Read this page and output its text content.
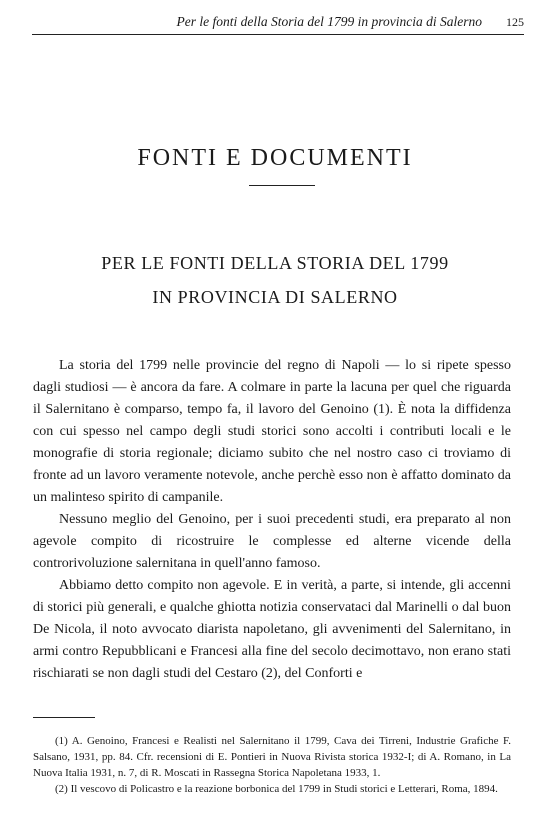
Per le fonti della Storia del 1799 in provincia di Salerno 125
FONTI E DOCUMENTI
PER LE FONTI DELLA STORIA DEL 1799
IN PROVINCIA DI SALERNO

La storia del 1799 nelle provincie del regno di Napoli — lo si ripete spesso dagli studiosi — è ancora da fare. A colmare in parte la lacuna per quel che riguarda il Salernitano è comparso, tempo fa, il lavoro del Genoino (1). È nota la diffidenza con cui spesso nel campo degli studi storici sono accolti i contributi locali e le monografie di storia regionale; diciamo subito che nel nostro caso ci troviamo di fronte ad un lavoro veramente notevole, anche perchè esso non è affatto dominato da un malinteso spirito di campanile.

Nessuno meglio del Genoino, per i suoi precedenti studi, era preparato al non agevole compito di ricostruire le complesse ed alterne vicende della controrivoluzione salernitana in quell'anno famoso.

Abbiamo detto compito non agevole. E in verità, a parte, si intende, gli accenni di storici più generali, e qualche ghiotta notizia conservataci dal Marinelli o dal buon De Nicola, il noto avvocato diarista napoletano, gli avvenimenti del Salernitano, in armi contro Repubblicani e Francesi alla fine del secolo decimottavo, non erano stati rischiarati se non dagli studi del Cestaro (2), del Conforti e

(1) A. Genoino, Francesi e Realisti nel Salernitano il 1799, Cava dei Tirreni, Industrie Grafiche F. Salsano, 1931, pp. 84. Cfr. recensioni di E. Pontieri in Nuova Rivista storica 1932-I; di A. Romano, in La Nuova Italia 1931, n. 7, di R. Moscati in Rassegna Storica Napoletana 1933, 1.

(2) Il vescovo di Policastro e la reazione borbonica del 1799 in Studi storici e Letterari, Roma, 1894.
